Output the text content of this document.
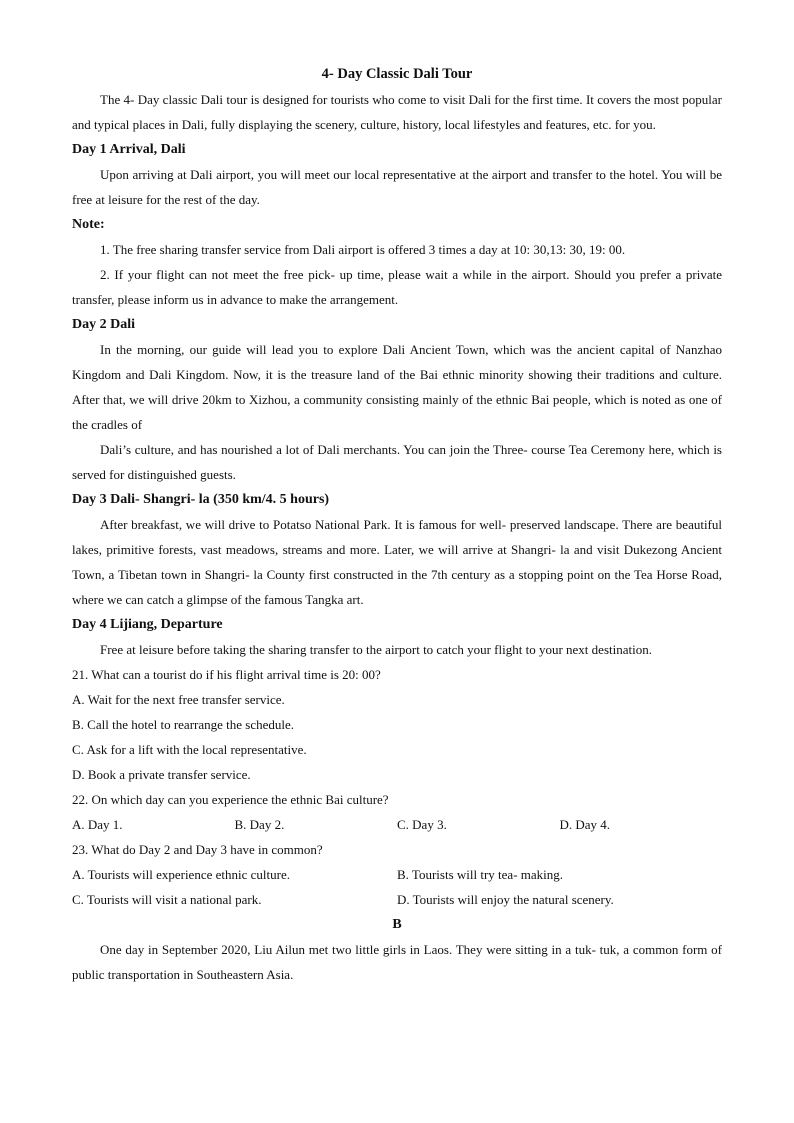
4- Day Classic Dali Tour

The 4- Day classic Dali tour is designed for tourists who come to visit Dali for the first time. It covers the most popular and typical places in Dali, fully displaying the scenery, culture, history, local lifestyles and features, etc. for you.

Day 1 Arrival, Dali

Upon arriving at Dali airport, you will meet our local representative at the airport and transfer to the hotel. You will be free at leisure for the rest of the day.

Note:

1. The free sharing transfer service from Dali airport is offered 3 times a day at 10: 30,13: 30, 19: 00.

2. If your flight can not meet the free pick- up time, please wait a while in the airport. Should you prefer a private transfer, please inform us in advance to make the arrangement.

Day 2 Dali

In the morning, our guide will lead you to explore Dali Ancient Town, which was the ancient capital of Nanzhao Kingdom and Dali Kingdom. Now, it is the treasure land of the Bai ethnic minority showing their traditions and culture. After that, we will drive 20km to Xizhou, a community consisting mainly of the ethnic Bai people, which is noted as one of the cradles of

Dali’s culture, and has nourished a lot of Dali merchants. You can join the Three- course Tea Ceremony here, which is served for distinguished guests.

Day 3 Dali- Shangri- la (350 km/4. 5 hours)

After breakfast, we will drive to Potatso National Park. It is famous for well- preserved landscape. There are beautiful lakes, primitive forests, vast meadows, streams and more. Later, we will arrive at Shangri- la and visit Dukezong Ancient Town, a Tibetan town in Shangri- la County first constructed in the 7th century as a stopping point on the Tea Horse Road, where we can catch a glimpse of the famous Tangka art.

Day 4 Lijiang, Departure

Free at leisure before taking the sharing transfer to the airport to catch your flight to your next destination.

21. What can a tourist do if his flight arrival time is 20: 00?

A. Wait for the next free transfer service.

B. Call the hotel to rearrange the schedule.

C. Ask for a lift with the local representative.

D. Book a private transfer service.

22. On which day can you experience the ethnic Bai culture?

A. Day 1.	B. Day 2.	C. Day 3.	D. Day 4.

23. What do Day 2 and Day 3 have in common?

A. Tourists will experience ethnic culture.	B. Tourists will try tea- making.
C. Tourists will visit a national park.	D. Tourists will enjoy the natural scenery.

B

One day in September 2020, Liu Ailun met two little girls in Laos. They were sitting in a tuk- tuk, a common form of public transportation in Southeastern Asia.
